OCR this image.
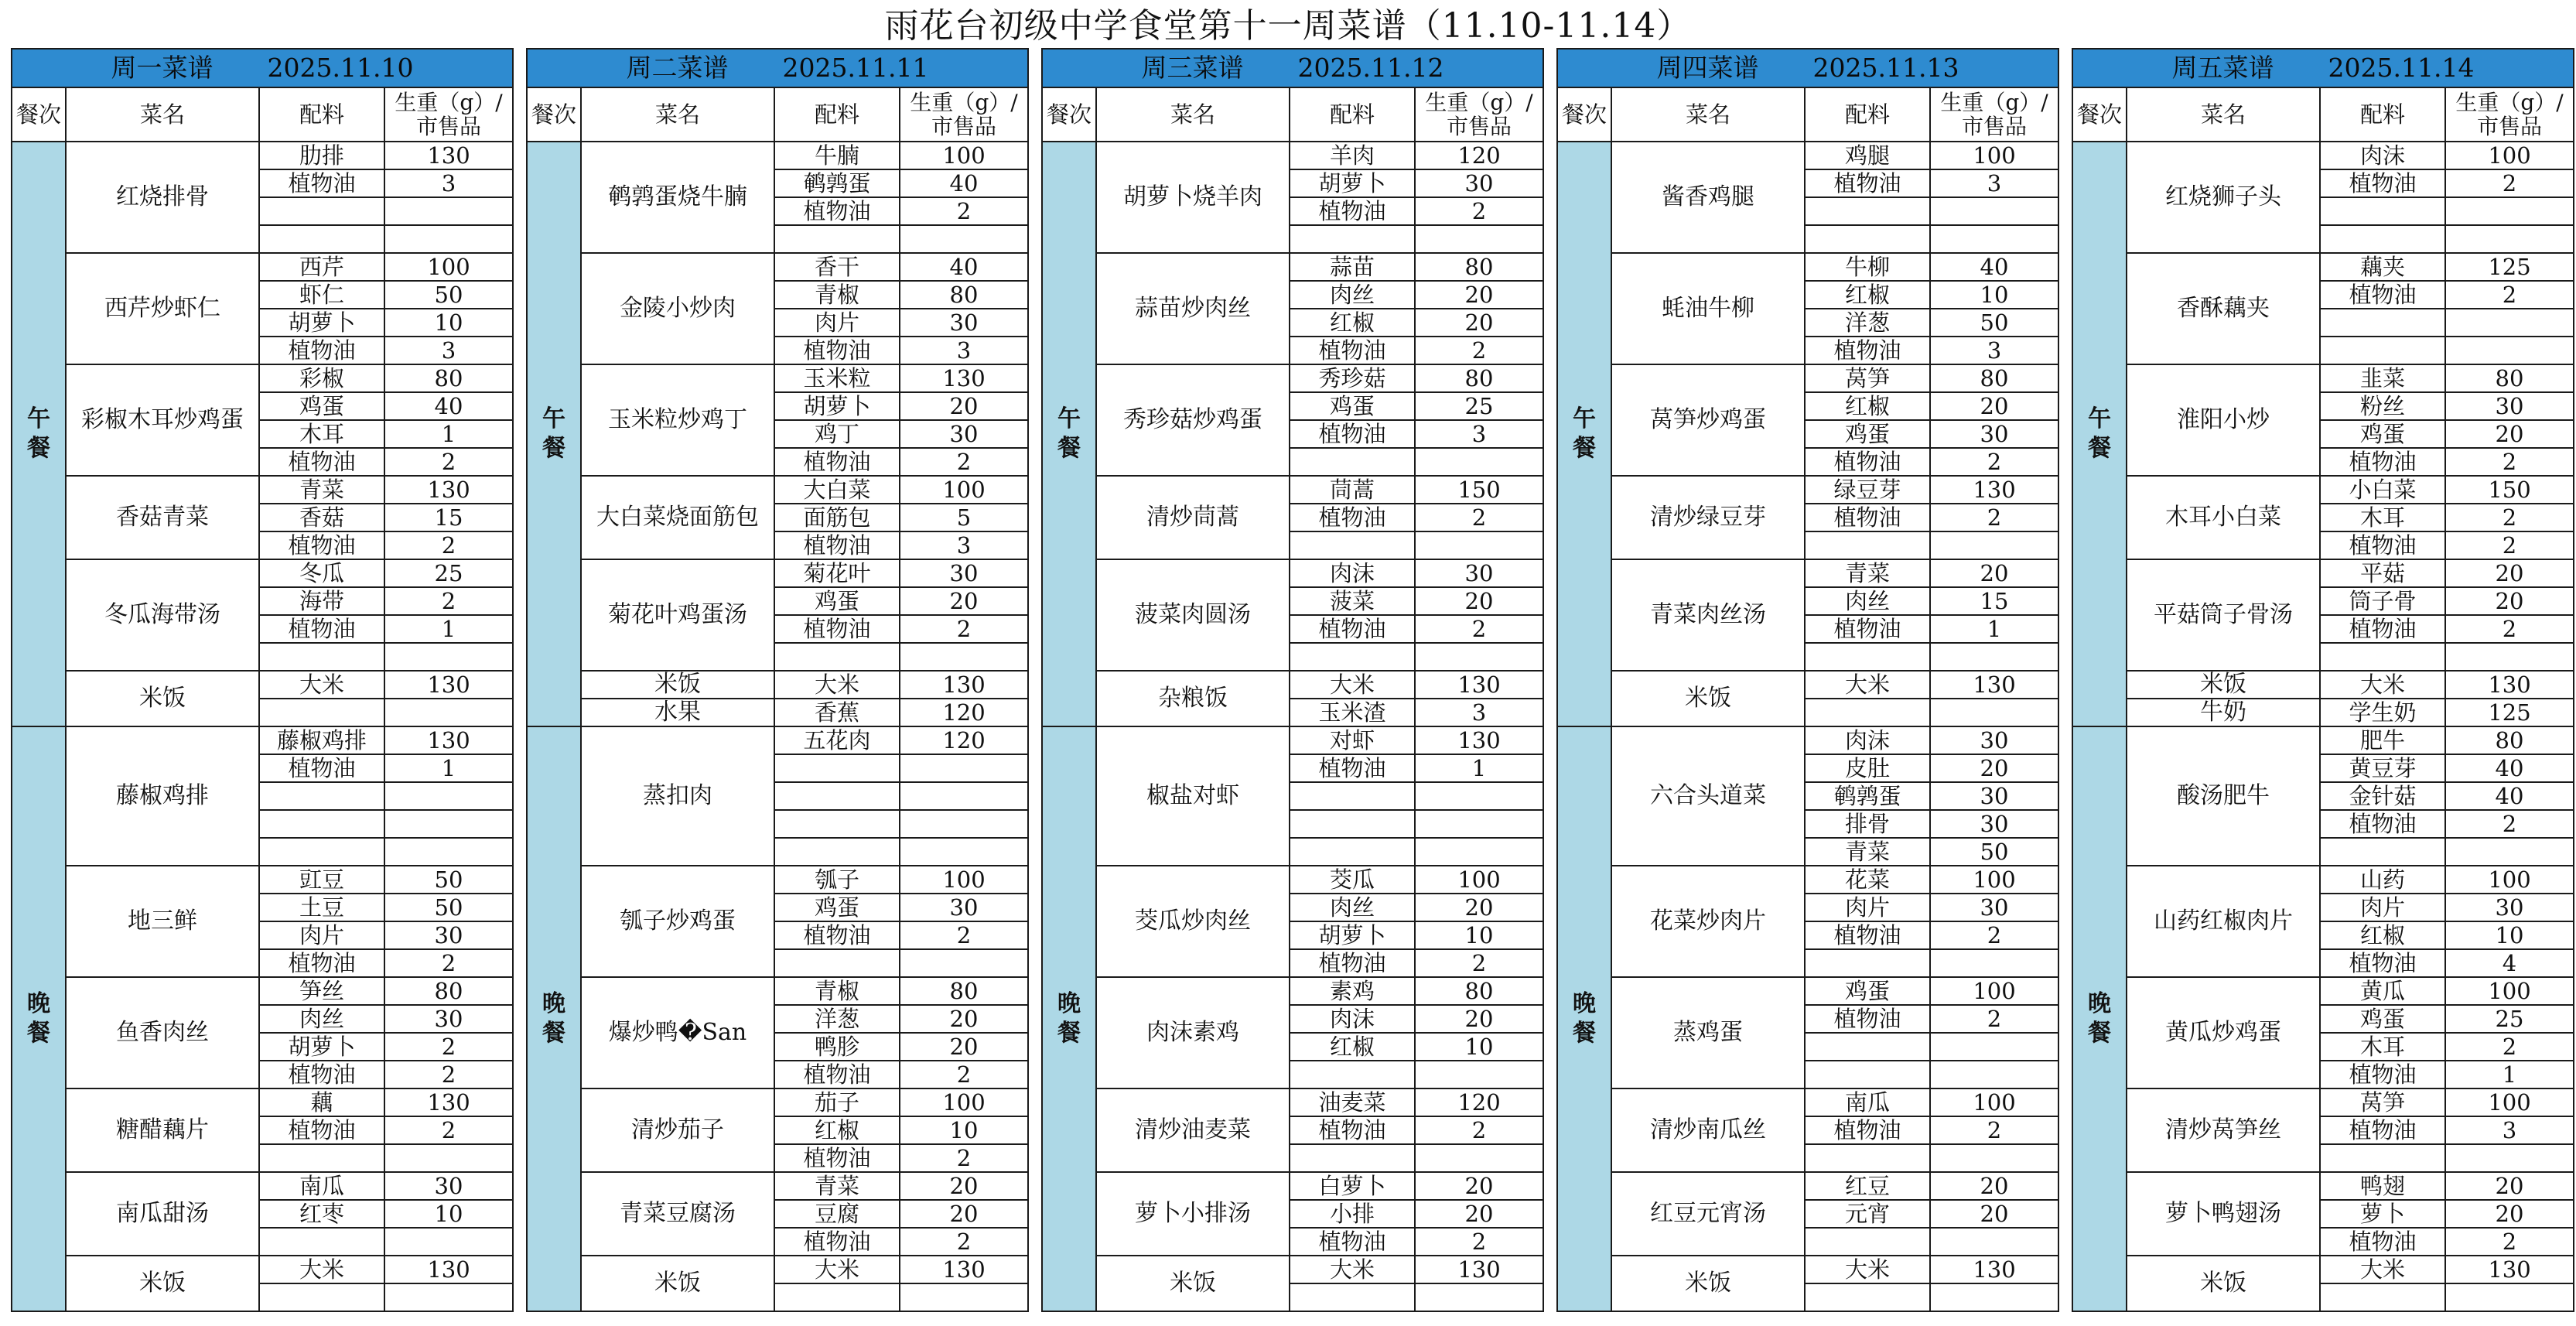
雨花台初级中学食堂第十一周菜谱（11.10-11.14）
周一菜谱 2025.11.10			

餐次	菜名	配料	生重（g）/市售品
午餐	红烧排骨	肋排	130
		植物油	3

	西芹炒虾仁	西芹	100
		虾仁	50
		胡萝卜	10
		植物油	3
	彩椒木耳炒鸡蛋	彩椒	80
		鸡蛋	40
		木耳	1
		植物油	2
	香菇青菜	青菜	130
		香菇	15
		植物油	2
	冬瓜海带汤	冬瓜	25
		海带	2
		植物油	1

	米饭	大米	130

晚餐	藤椒鸡排	藤椒鸡排	130
		植物油	1

	地三鲜	豇豆	50
		土豆	50
		肉片	30
		植物油	2
	鱼香肉丝	笋丝	80
		肉丝	30
		胡萝卜	2
		植物油	2
	糖醋藕片	藕	130
		植物油	2

	南瓜甜汤	南瓜	30
		红枣	10

	米饭	大米	130

周二菜谱 2025.11.11			

餐次	菜名	配料	生重（g）/市售品
午餐	鹌鹑蛋烧牛腩	牛腩	100
		鹌鹑蛋	40
		植物油	2

	金陵小炒肉	香干	40
		青椒	80
		肉片	30
		植物油	3
	玉米粒炒鸡丁	玉米粒	130
		胡萝卜	20
		鸡丁	30
		植物油	2
	大白菜烧面筋包	大白菜	100
		面筋包	5
		植物油	3
	菊花叶鸡蛋汤	菊花叶	30
		鸡蛋	20
		植物油	2

	米饭	大米	130
	水果	香蕉	120
晚餐	蒸扣肉	五花肉	120

	瓠子炒鸡蛋	瓠子	100
		鸡蛋	30
		植物油	2

	爆炒鸭�San	青椒	80
		洋葱	20
		鸭胗	20
		植物油	2
	清炒茄子	茄子	100
		红椒	10
		植物油	2
	青菜豆腐汤	青菜	20
		豆腐	20
		植物油	2
	米饭	大米	130

周三菜谱 2025.11.12			

餐次	菜名	配料	生重（g）/市售品
午餐	胡萝卜烧羊肉	羊肉	120
		胡萝卜	30
		植物油	2

	蒜苗炒肉丝	蒜苗	80
		肉丝	20
		红椒	20
		植物油	2
	秀珍菇炒鸡蛋	秀珍菇	80
		鸡蛋	25
		植物油	3

	清炒茼蒿	茼蒿	150
		植物油	2

	菠菜肉圆汤	肉沫	30
		菠菜	20
		植物油	2

	杂粮饭	大米	130
		玉米渣	3
晚餐	椒盐对虾	对虾	130
		植物油	1

	茭瓜炒肉丝	茭瓜	100
		肉丝	20
		胡萝卜	10
		植物油	2
	肉沫素鸡	素鸡	80
		肉沫	20
		红椒	10

	清炒油麦菜	油麦菜	120
		植物油	2

	萝卜小排汤	白萝卜	20
		小排	20
		植物油	2
	米饭	大米	130

周四菜谱 2025.11.13			

餐次	菜名	配料	生重（g）/市售品
午餐	酱香鸡腿	鸡腿	100
		植物油	3

	蚝油牛柳	牛柳	40
		红椒	10
		洋葱	50
		植物油	3
	莴笋炒鸡蛋	莴笋	80
		红椒	20
		鸡蛋	30
		植物油	2
	清炒绿豆芽	绿豆芽	130
		植物油	2

	青菜肉丝汤	青菜	20
		肉丝	15
		植物油	1

	米饭	大米	130

晚餐	六合头道菜	肉沫	30
		皮肚	20
		鹌鹑蛋	30
		排骨	30
		青菜	50
	花菜炒肉片	花菜	100
		肉片	30
		植物油	2

	蒸鸡蛋	鸡蛋	100
		植物油	2

	清炒南瓜丝	南瓜	100
		植物油	2

	红豆元宵汤	红豆	20
		元宵	20

	米饭	大米	130

周五菜谱 2025.11.14			

餐次	菜名	配料	生重（g）/市售品
午餐	红烧狮子头	肉沫	100
		植物油	2

	香酥藕夹	藕夹	125
		植物油	2

	淮阳小炒	韭菜	80
		粉丝	30
		鸡蛋	20
		植物油	2
	木耳小白菜	小白菜	150
		木耳	2
		植物油	2
	平菇筒子骨汤	平菇	20
		筒子骨	20
		植物油	2

	米饭	大米	130
	牛奶	学生奶	125
晚餐	酸汤肥牛	肥牛	80
		黄豆芽	40
		金针菇	40
		植物油	2

	山药红椒肉片	山药	100
		肉片	30
		红椒	10
		植物油	4
	黄瓜炒鸡蛋	黄瓜	100
		鸡蛋	25
		木耳	2
		植物油	1
	清炒莴笋丝	莴笋	100
		植物油	3

	萝卜鸭翅汤	鸭翅	20
		萝卜	20
		植物油	2
	米饭	大米	130
